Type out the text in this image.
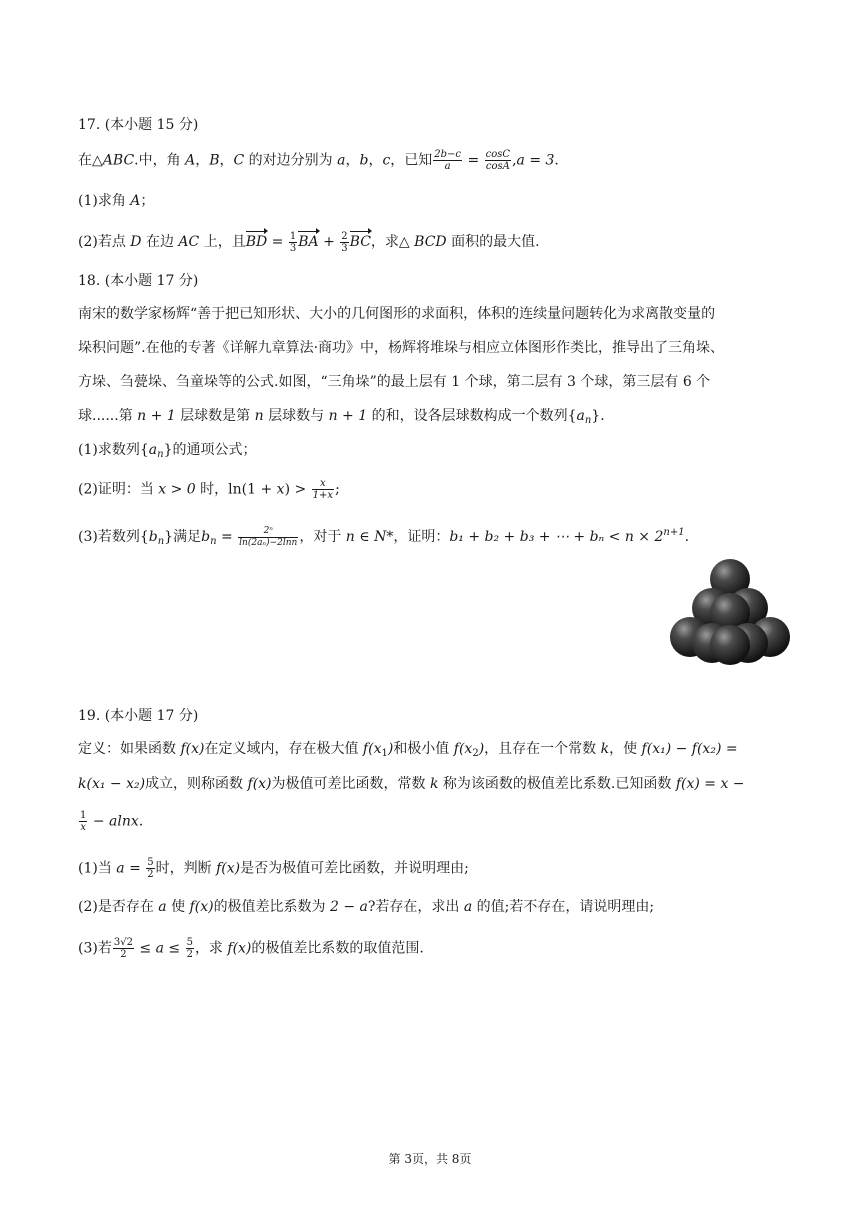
17. (本小题 15 分)
在△ABC.中，角 A，B，C 的对边分别为 a，b，c，已知 $\frac{2b-c}{a} = \frac{\cos C}{\cos A} ,a = 3$.
(1)求角 A；
(2)若点 D 在边 AC 上，且BD = $\frac{1}{3}$ BA + $\frac{2}{3}$ BC，求△ BCD 面积的最大值.
18. (本小题 17 分)
南宋的数学家杨辉“善于把已知形状、大小的几何图形的求面积，体积的连续量问题转化为求离散变量的
垛积问题”.在他的专著《详解九章算法·商功》中，杨辉将堆垛与相应立体图形作类比，推导出了三角垛、
方垛、刍甍垛、刍童垛等的公式.如图，“三角垛”的最上层有 1 个球，第二层有 3 个球，第三层有 6 个
球......第 n + 1 层球数是第 n 层球数与 n + 1 的和，设各层球数构成一个数列$\{a_n\}$.
(1)求数列$\{a_n\}$的通项公式；
(2)证明：当 x > 0 时，$\ln(1 + x) > \frac{x}{1+x}$ ;
(3)若数列$\{b_n\}$满足$b_n = \frac{\text{2ⁿ}}{\text{ln(2aₙ)−2lnn}}$ ，对于 n ∈ N*，证明：b₁ + b₂ + b₃ + ⋯ + $b_n < n \times 2^{n+1}$.
19. (本小题 17 分)
定义：如果函数 f(x)在定义域内，存在极大值 $f(x_1)$和极小值 $f(x_2)$，且存在一个常数 k，使 f(x₁) − f(x₂) =
k(x₁ − x₂)成立，则称函数 f(x)为极值可差比函数，常数 k 称为该函数的极值差比系数.已知函数 f(x) = x −
$\frac{1}{x} - alnx$.
(1)当 $a = \frac{5}{2}$ 时，判断 f(x)是否为极值可差比函数，并说明理由;
(2)是否存在 a 使 f(x)的极值差比系数为 2 − a?若存在，求出 a 的值;若不存在，请说明理由;
(3)若 $\frac{3√2}{2} \le a \le \frac{5}{2}$ ，求 f(x)的极值差比系数的取值范围.
第 3页，共 8页
